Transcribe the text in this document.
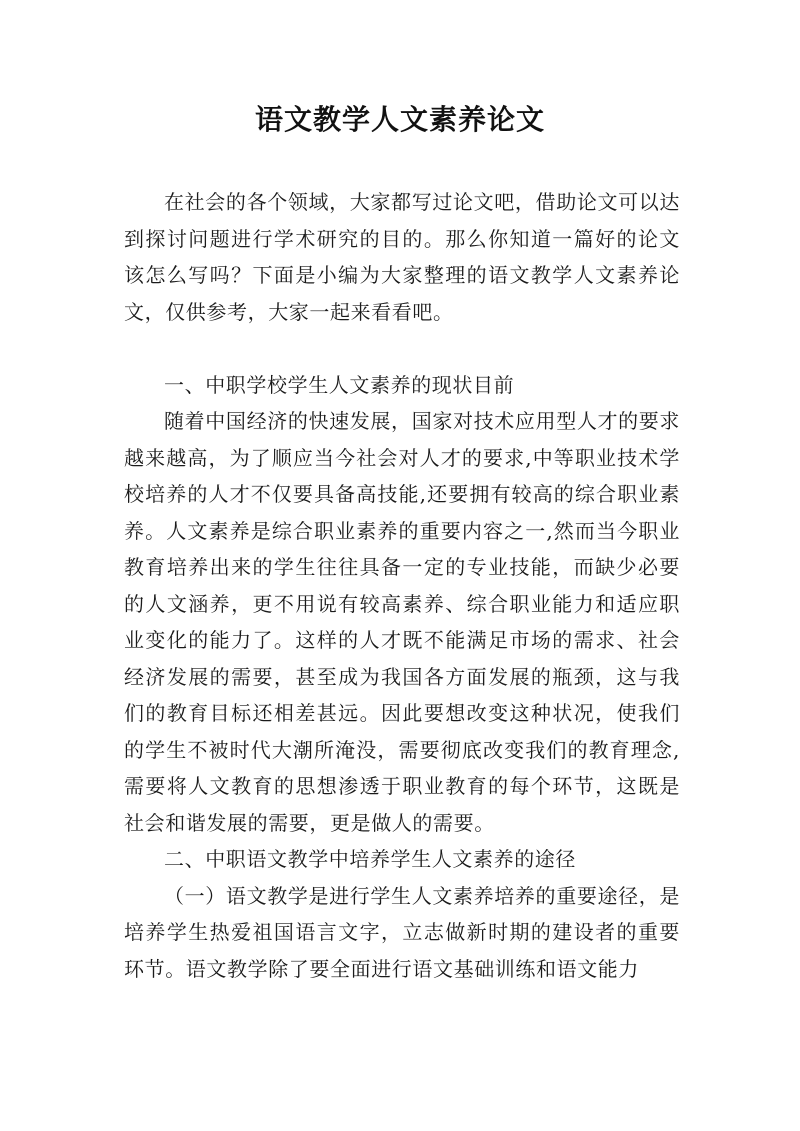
语文教学人文素养论文

在社会的各个领域，大家都写过论文吧，借助论文可以达到探讨问题进行学术研究的目的。那么你知道一篇好的论文该怎么写吗？下面是小编为大家整理的语文教学人文素养论文，仅供参考，大家一起来看看吧。

一、中职学校学生人文素养的现状目前

随着中国经济的快速发展，国家对技术应用型人才的要求越来越高，为了顺应当今社会对人才的要求,中等职业技术学校培养的人才不仅要具备高技能,还要拥有较高的综合职业素养。人文素养是综合职业素养的重要内容之一,然而当今职业教育培养出来的学生往往具备一定的专业技能，而缺少必要的人文涵养，更不用说有较高素养、综合职业能力和适应职业变化的能力了。这样的人才既不能满足市场的需求、社会经济发展的需要，甚至成为我国各方面发展的瓶颈，这与我们的教育目标还相差甚远。因此要想改变这种状况，使我们的学生不被时代大潮所淹没，需要彻底改变我们的教育理念,需要将人文教育的思想渗透于职业教育的每个环节，这既是社会和谐发展的需要，更是做人的需要。

二、中职语文教学中培养学生人文素养的途径

（一）语文教学是进行学生人文素养培养的重要途径，是培养学生热爱祖国语言文字，立志做新时期的建设者的重要环节。语文教学除了要全面进行语文基础训练和语文能力
